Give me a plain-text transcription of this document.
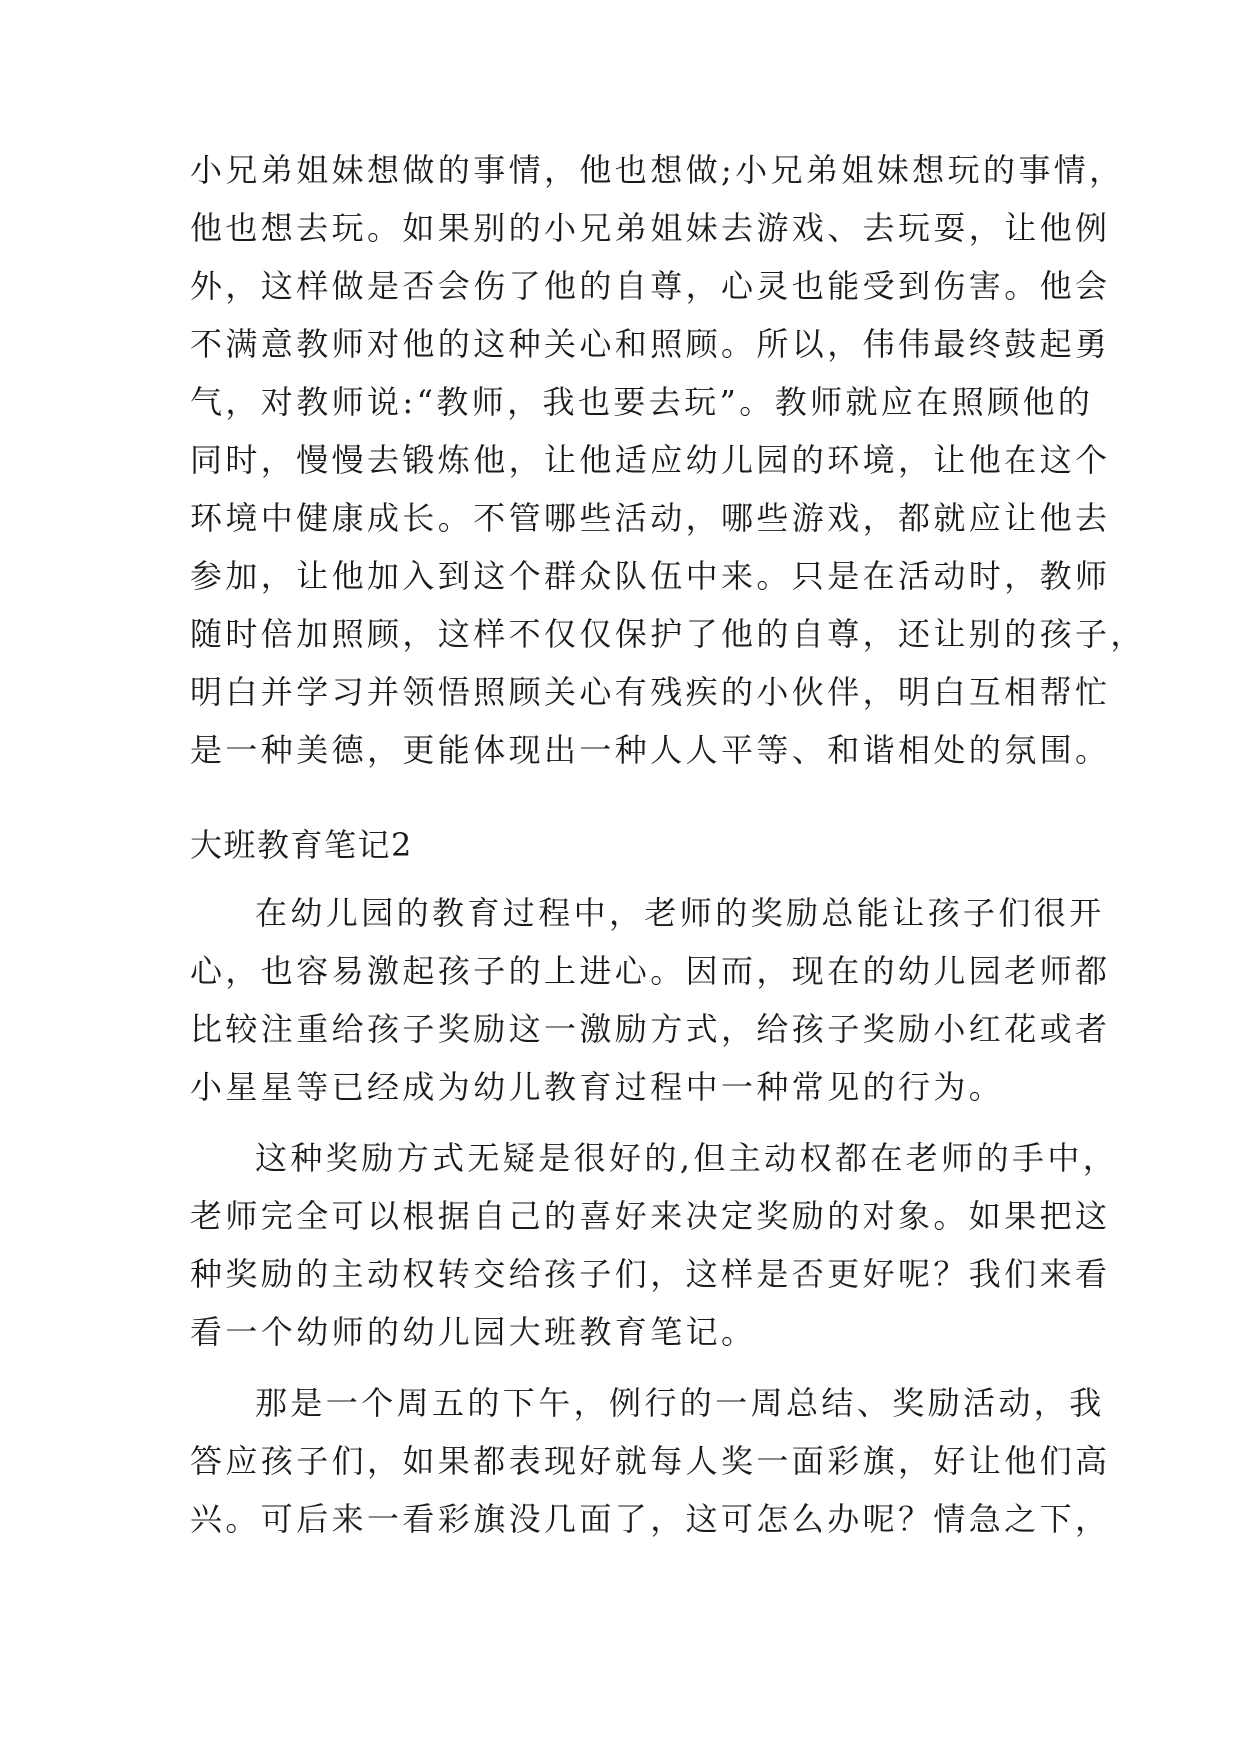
小兄弟姐妹想做的事情，他也想做;小兄弟姐妹想玩的事情，
他也想去玩。如果别的小兄弟姐妹去游戏、去玩耍，让他例
外，这样做是否会伤了他的自尊，心灵也能受到伤害。他会
不满意教师对他的这种关心和照顾。所以，伟伟最终鼓起勇
气，对教师说:“教师，我也要去玩”。教师就应在照顾他的
同时，慢慢去锻炼他，让他适应幼儿园的环境，让他在这个
环境中健康成长。不管哪些活动，哪些游戏，都就应让他去
参加，让他加入到这个群众队伍中来。只是在活动时，教师
随时倍加照顾，这样不仅仅保护了他的自尊，还让别的孩子，
明白并学习并领悟照顾关心有残疾的小伙伴，明白互相帮忙
是一种美德，更能体现出一种人人平等、和谐相处的氛围。
大班教育笔记2
在幼儿园的教育过程中，老师的奖励总能让孩子们很开
心，也容易激起孩子的上进心。因而，现在的幼儿园老师都
比较注重给孩子奖励这一激励方式，给孩子奖励小红花或者
小星星等已经成为幼儿教育过程中一种常见的行为。
这种奖励方式无疑是很好的,但主动权都在老师的手中，
老师完全可以根据自己的喜好来决定奖励的对象。如果把这
种奖励的主动权转交给孩子们，这样是否更好呢？我们来看
看一个幼师的幼儿园大班教育笔记。
那是一个周五的下午，例行的一周总结、奖励活动，我
答应孩子们，如果都表现好就每人奖一面彩旗，好让他们高
兴。可后来一看彩旗没几面了，这可怎么办呢？情急之下，
